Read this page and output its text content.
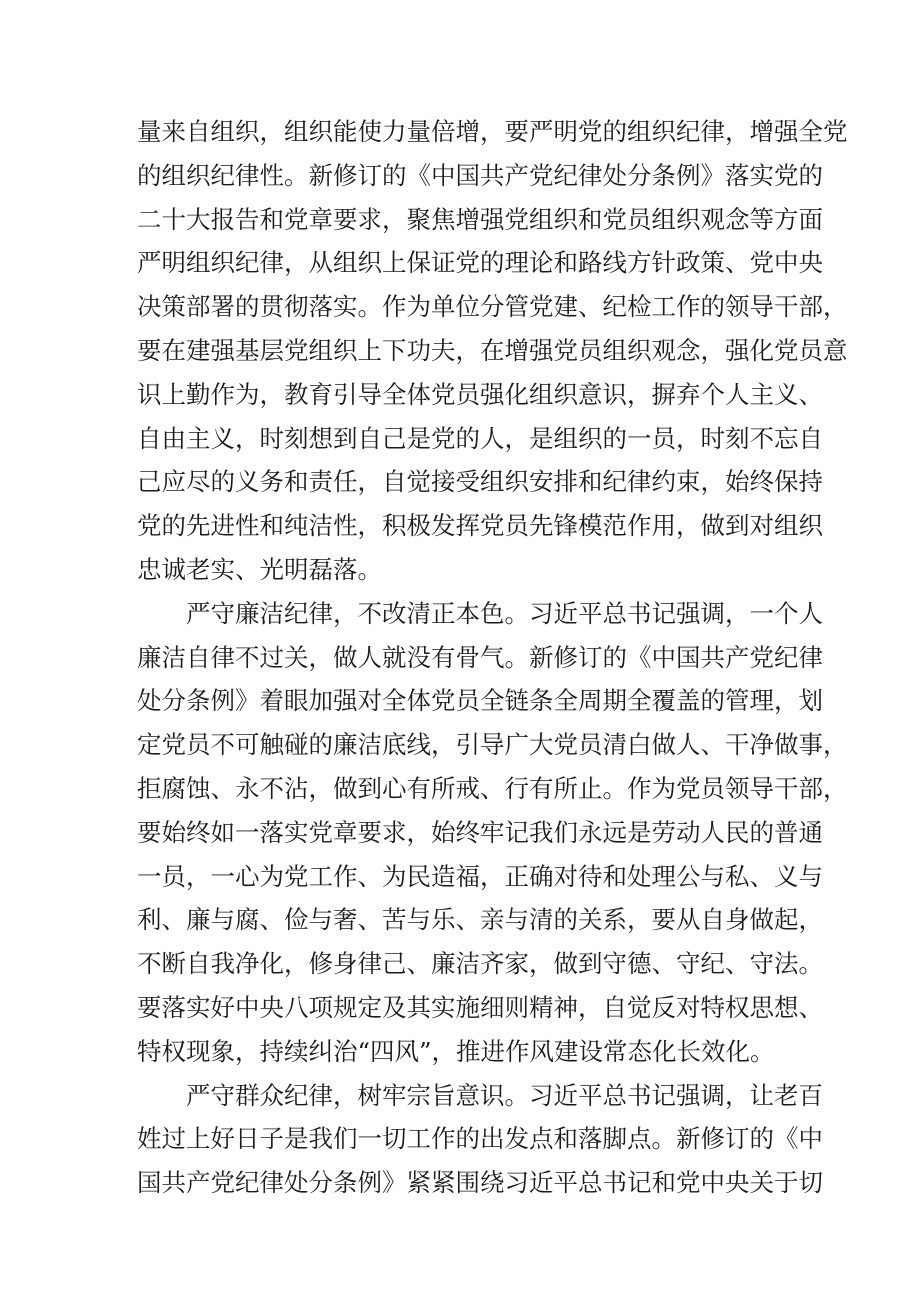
量来自组织，组织能使力量倍增，要严明党的组织纪律，增强全党
的组织纪律性。新修订的《中国共产党纪律处分条例》落实党的
二十大报告和党章要求，聚焦增强党组织和党员组织观念等方面
严明组织纪律，从组织上保证党的理论和路线方针政策、党中央
决策部署的贯彻落实。作为单位分管党建、纪检工作的领导干部，
要在建强基层党组织上下功夫，在增强党员组织观念，强化党员意
识上勤作为，教育引导全体党员强化组织意识，摒弃个人主义、
自由主义，时刻想到自己是党的人，是组织的一员，时刻不忘自
己应尽的义务和责任，自觉接受组织安排和纪律约束，始终保持
党的先进性和纯洁性，积极发挥党员先锋模范作用，做到对组织
忠诚老实、光明磊落。
　　严守廉洁纪律，不改清正本色。习近平总书记强调，一个人
廉洁自律不过关，做人就没有骨气。新修订的《中国共产党纪律
处分条例》着眼加强对全体党员全链条全周期全覆盖的管理，划
定党员不可触碰的廉洁底线，引导广大党员清白做人、干净做事，
拒腐蚀、永不沾，做到心有所戒、行有所止。作为党员领导干部，
要始终如一落实党章要求，始终牢记我们永远是劳动人民的普通
一员，一心为党工作、为民造福，正确对待和处理公与私、义与
利、廉与腐、俭与奢、苦与乐、亲与清的关系，要从自身做起，
不断自我净化，修身律己、廉洁齐家，做到守德、守纪、守法。
要落实好中央八项规定及其实施细则精神，自觉反对特权思想、
特权现象，持续纠治“四风”，推进作风建设常态化长效化。
　　严守群众纪律，树牢宗旨意识。习近平总书记强调，让老百
姓过上好日子是我们一切工作的出发点和落脚点。新修订的《中
国共产党纪律处分条例》紧紧围绕习近平总书记和党中央关于切
